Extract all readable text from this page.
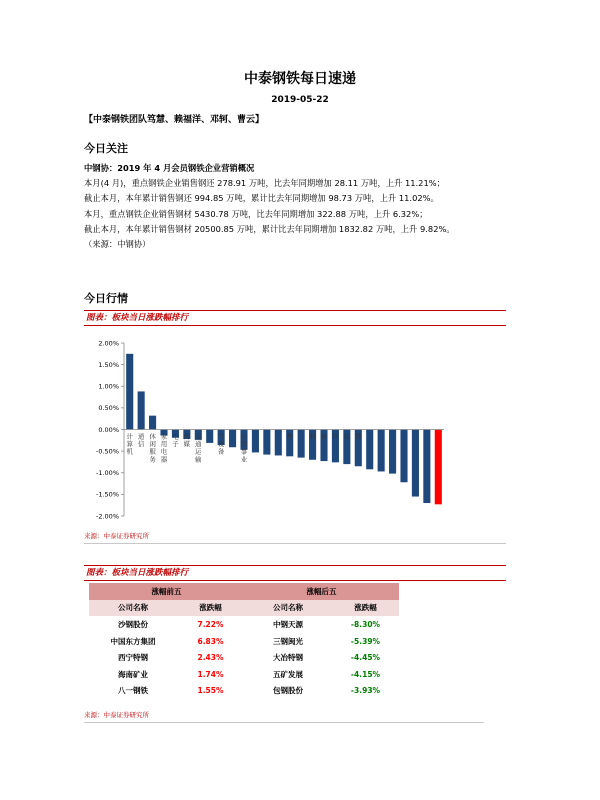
中泰钢铁每日速递
2019-05-22
【中泰钢铁团队笃慧、赖福洋、邓轲、曹云】
今日关注
中钢协：2019 年 4 月会员钢铁企业营销概况
本月(4 月)，重点钢铁企业销售钢还 278.91 万吨，比去年同期增加 28.11 万吨，上升 11.21%；
截止本月，本年累计销售钢还 994.85 万吨，累计比去年同期增加 98.73 万吨，上升 11.02%。
本月，重点钢铁企业销售钢材 5430.78 万吨，比去年同期增加 322.88 万吨，上升 6.32%；
截止本月，本年累计销售钢材 20500.85 万吨，累计比去年同期增加 1832.82 万吨，上升 9.82%。
（来源：中钢协）
今日行情
图表：板块当日涨跌幅排行
2.00%
1.50%
1.00%
0.50%
0.00%
-0.50%
-1.00%
-1.50%
-2.00%
计算机
通信
休闲服务
家用电器
电子
传媒
交通运输
气设备
公用事业
物	料 备 料 装 饰
来源：中泰证券研究所
图表：板块当日涨跌幅排行
涨幅前五		涨幅后五	
公司名称	涨跌幅	公司名称	涨跌幅
沙钢股份	7.22%	中钢天源	-8.30%
中国东方集团	6.83%	三钢闽光	-5.39%
西宁特钢	2.43%	大冶特钢	-4.45%
海南矿业	1.74%	五矿发展	-4.15%
八一钢铁	1.55%	包钢股份	-3.93%
来源：中泰证券研究所
